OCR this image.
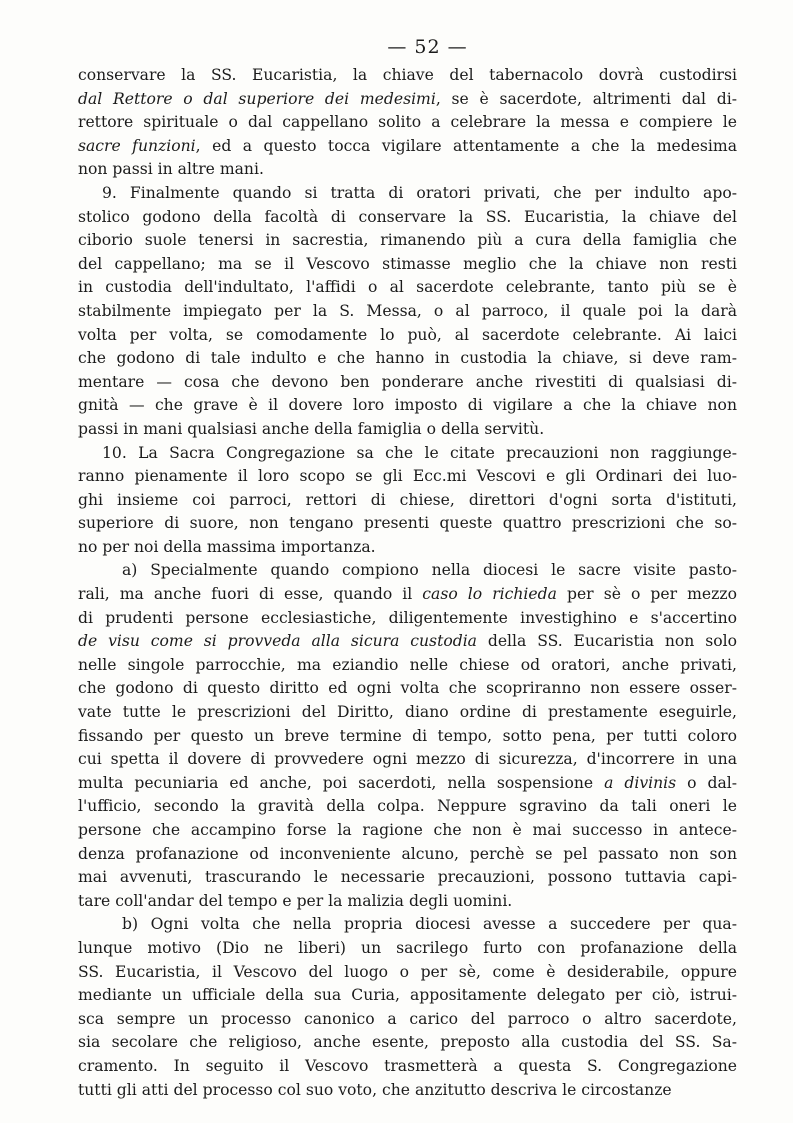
— 52 —
conservare la SS. Eucaristia, la chiave del tabernacolo dovrà custodirsi
dal Rettore o dal superiore dei medesimi, se è sacerdote, altrimenti dal di-
rettore spirituale o dal cappellano solito a celebrare la messa e compiere le
sacre funzioni, ed a questo tocca vigilare attentamente a che la medesima
non passi in altre mani.
9. Finalmente quando si tratta di oratori privati, che per indulto apo-
stolico godono della facoltà di conservare la SS. Eucaristia, la chiave del
ciborio suole tenersi in sacrestia, rimanendo più a cura della famiglia che
del cappellano; ma se il Vescovo stimasse meglio che la chiave non resti
in custodia dell'indultato, l'affidi o al sacerdote celebrante, tanto più se è
stabilmente impiegato per la S. Messa, o al parroco, il quale poi la darà
volta per volta, se comodamente lo può, al sacerdote celebrante. Ai laici
che godono di tale indulto e che hanno in custodia la chiave, si deve ram-
mentare — cosa che devono ben ponderare anche rivestiti di qualsiasi di-
gnità — che grave è il dovere loro imposto di vigilare a che la chiave non
passi in mani qualsiasi anche della famiglia o della servitù.
10. La Sacra Congregazione sa che le citate precauzioni non raggiunge-
ranno pienamente il loro scopo se gli Ecc.mi Vescovi e gli Ordinari dei luo-
ghi insieme coi parroci, rettori di chiese, direttori d'ogni sorta d'istituti,
superiore di suore, non tengano presenti queste quattro prescrizioni che so-
no per noi della massima importanza.
a) Specialmente quando compiono nella diocesi le sacre visite pasto-
rali, ma anche fuori di esse, quando il caso lo richieda per sè o per mezzo
di prudenti persone ecclesiastiche, diligentemente investighino e s'accertino
de visu come si provveda alla sicura custodia della SS. Eucaristia non solo
nelle singole parrocchie, ma eziandio nelle chiese od oratori, anche privati,
che godono di questo diritto ed ogni volta che scopriranno non essere osser-
vate tutte le prescrizioni del Diritto, diano ordine di prestamente eseguirle,
fissando per questo un breve termine di tempo, sotto pena, per tutti coloro
cui spetta il dovere di provvedere ogni mezzo di sicurezza, d'incorrere in una
multa pecuniaria ed anche, poi sacerdoti, nella sospensione a divinis o dal-
l'ufficio, secondo la gravità della colpa. Neppure sgravino da tali oneri le
persone che accampino forse la ragione che non è mai successo in antece-
denza profanazione od inconveniente alcuno, perchè se pel passato non son
mai avvenuti, trascurando le necessarie precauzioni, possono tuttavia capi-
tare coll'andar del tempo e per la malizia degli uomini.
b) Ogni volta che nella propria diocesi avesse a succedere per qua-
lunque motivo (Dio ne liberi) un sacrilego furto con profanazione della
SS. Eucaristia, il Vescovo del luogo o per sè, come è desiderabile, oppure
mediante un ufficiale della sua Curia, appositamente delegato per ciò, istrui-
sca sempre un processo canonico a carico del parroco o altro sacerdote,
sia secolare che religioso, anche esente, preposto alla custodia del SS. Sa-
cramento. In seguito il Vescovo trasmetterà a questa S. Congregazione
tutti gli atti del processo col suo voto, che anzitutto descriva le circostanze
